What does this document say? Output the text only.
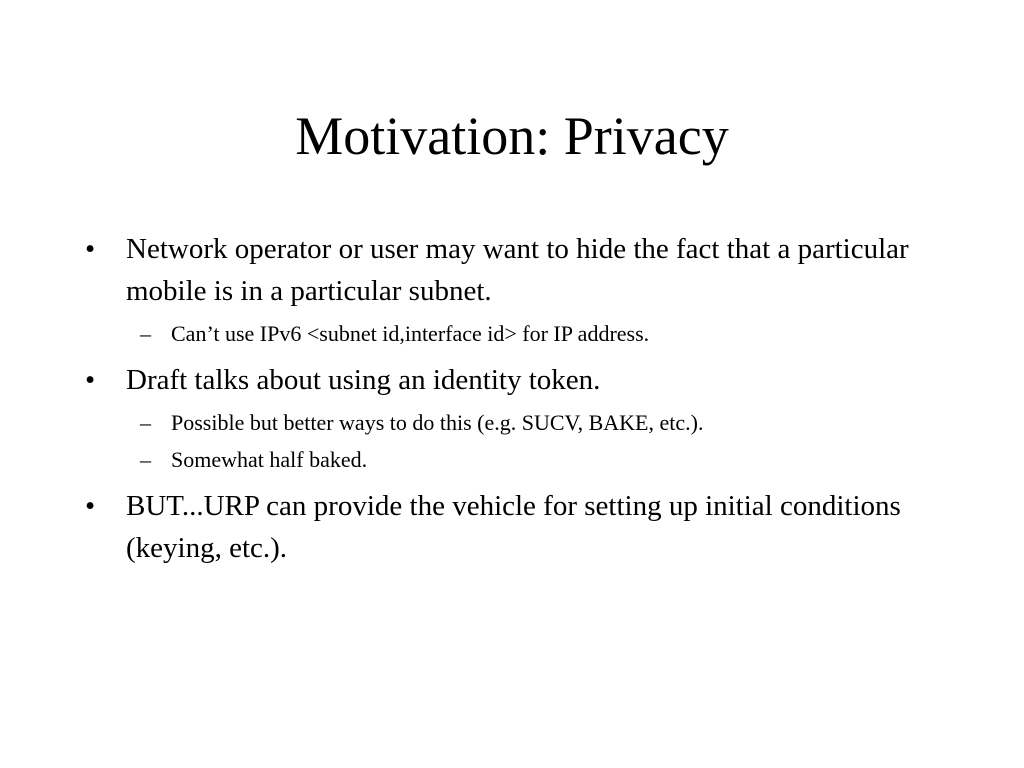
Motivation: Privacy
• Network operator or user may want to hide the fact that a particular mobile is in a particular subnet.
– Can’t use IPv6 <subnet id,interface id> for IP address.
• Draft talks about using an identity token.
– Possible but better ways to do this (e.g. SUCV, BAKE, etc.).
– Somewhat half baked.
• BUT...URP can provide the vehicle for setting up initial conditions (keying, etc.).
